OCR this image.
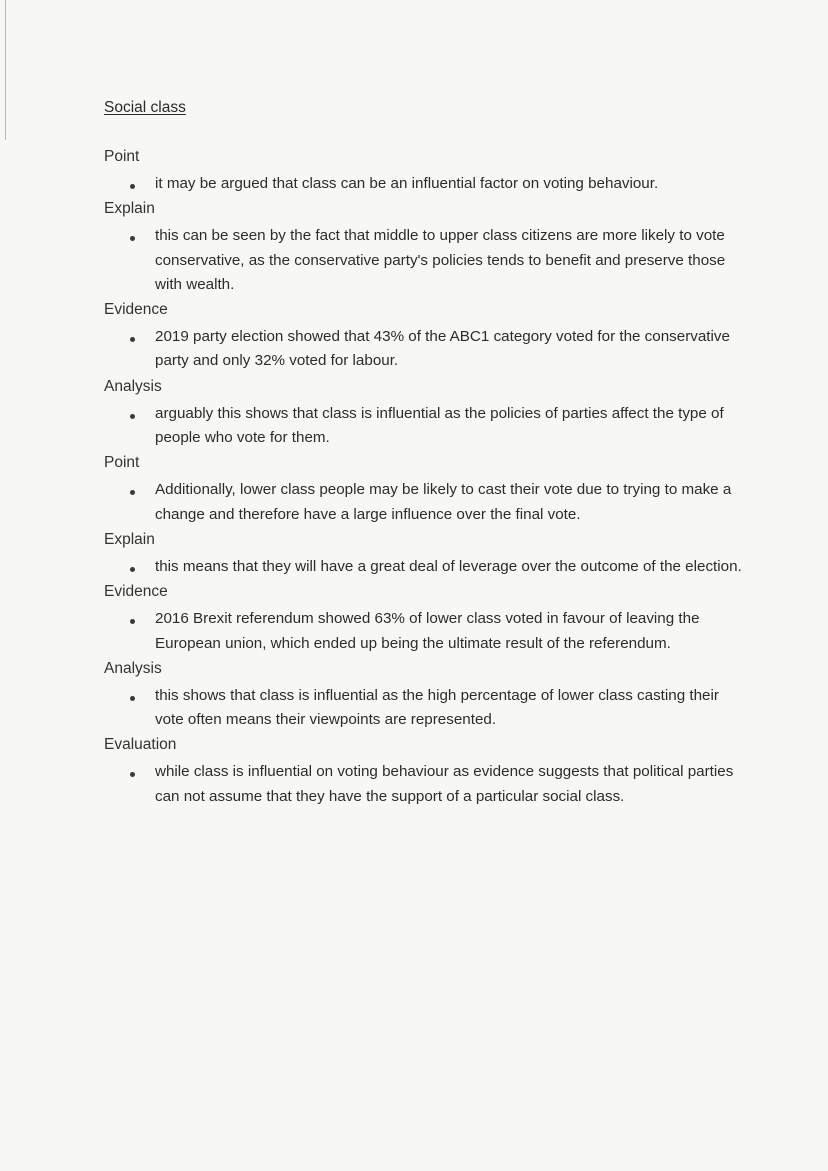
Social class
Point
it may be argued that class can be an influential factor on voting behaviour.
Explain
this can be seen by the fact that middle to upper class citizens are more likely to vote conservative, as the conservative party's policies tends to benefit and preserve those with wealth.
Evidence
2019 party election showed that 43% of the ABC1 category voted for the conservative party and only 32% voted for labour.
Analysis
arguably this shows that class is influential as the policies of parties affect the type of people who vote for them.
Point
Additionally, lower class people may be likely to cast their vote due to trying to make a change and therefore have a large influence over the final vote.
Explain
this means that they will have a great deal of leverage over the outcome of the election.
Evidence
2016 Brexit referendum showed 63% of lower class voted in favour of leaving the European union, which ended up being the ultimate result of the referendum.
Analysis
this shows that class is influential as the high percentage of lower class casting their vote often means their viewpoints are represented.
Evaluation
while class is influential on voting behaviour as evidence suggests that political parties can not assume that they have the support of a particular social class.
